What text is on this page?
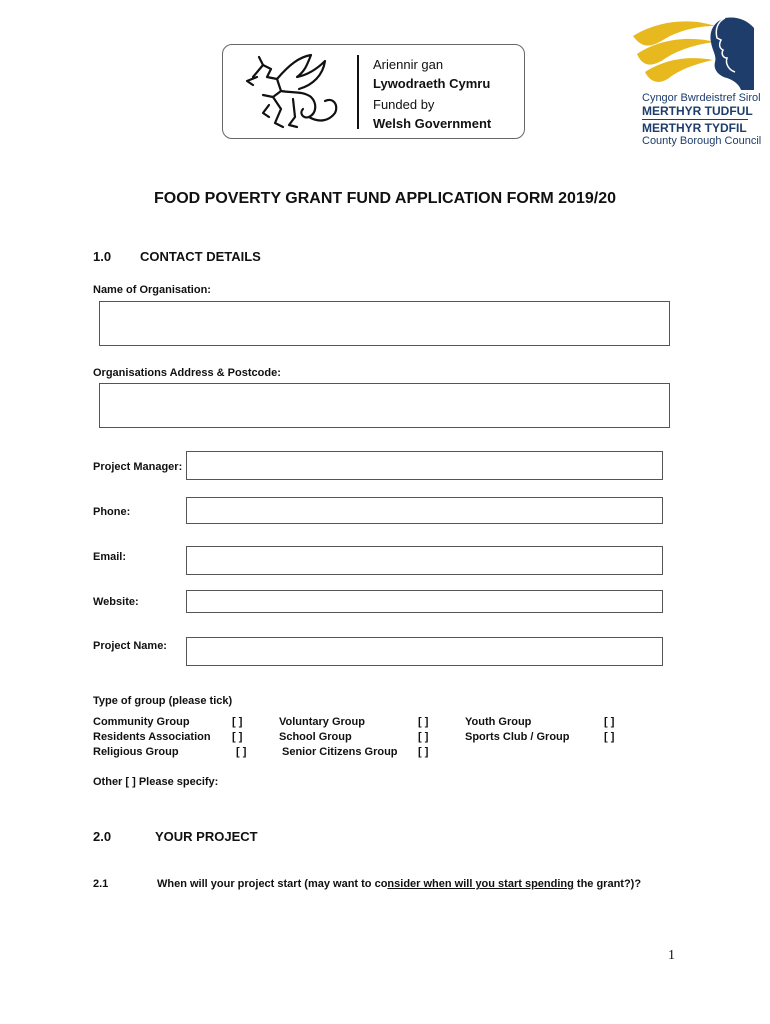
Ariennir gan
Lywodraeth Cymru
Funded by
Welsh Government
Cyngor Bwrdeistref Sirol
MERTHYR TUDFUL
MERTHYR TYDFIL
County Borough Council
FOOD POVERTY GRANT FUND APPLICATION FORM 2019/20
1.0 CONTACT DETAILS
Name of Organisation:
Organisations Address & Postcode:
Project Manager:
Phone:
Email:
Website:
Project Name:
Type of group (please tick)
Community Group
Residents Association
Religious Group
[ ]
[ ]
[ ]
Voluntary Group
School Group
Senior Citizens Group
[ ]
[ ]
[ ]
Youth Group
Sports Club / Group
[ ]
[ ]
Other [ ] Please specify:
2.0	YOUR PROJECT
2.1	When will your project start (may want to consider when will you start spending the grant?)?
1
